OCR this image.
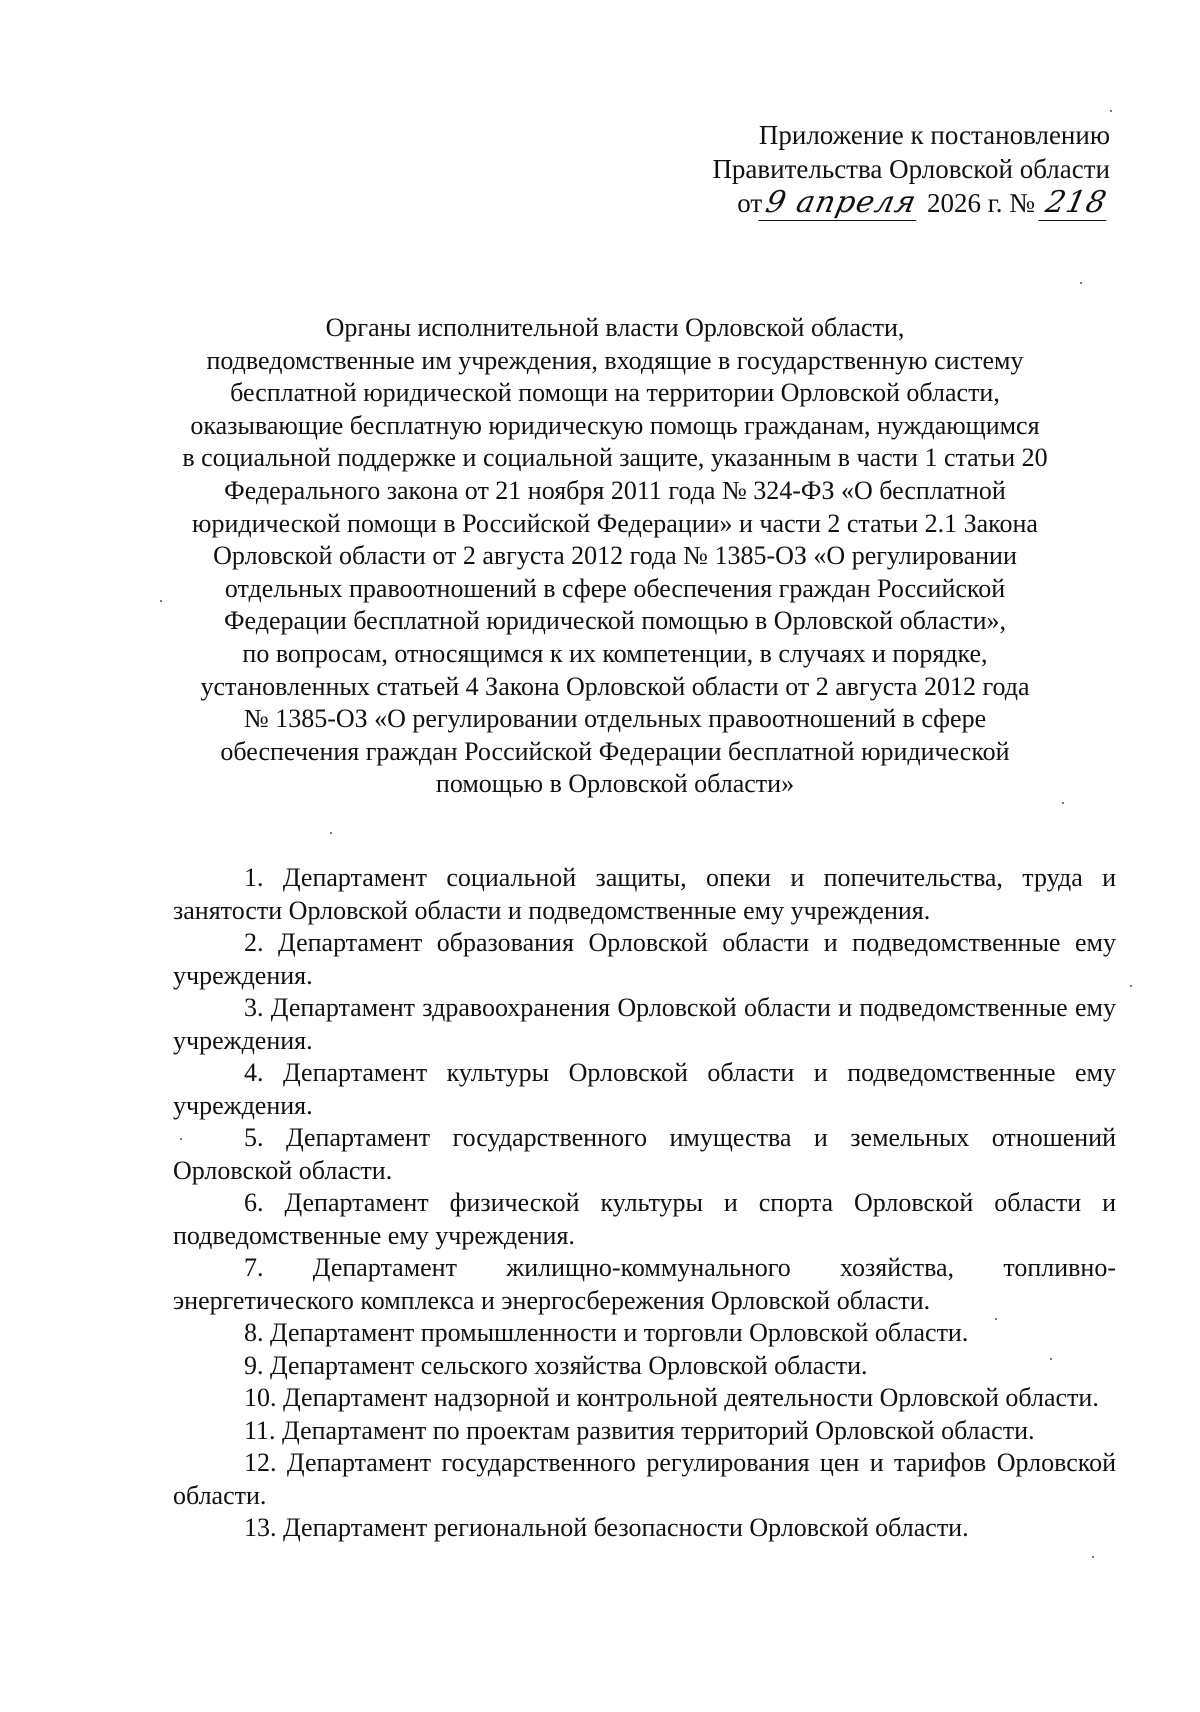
Приложение к постановлению
Правительства Орловской области
от9 апреля 2026 г. № 218
Органы исполнительной власти Орловской области,
подведомственные им учреждения, входящие в государственную систему
бесплатной юридической помощи на территории Орловской области,
оказывающие бесплатную юридическую помощь гражданам, нуждающимся
в социальной поддержке и социальной защите, указанным в части 1 статьи 20
Федерального закона от 21 ноября 2011 года № 324-ФЗ «О бесплатной
юридической помощи в Российской Федерации» и части 2 статьи 2.1 Закона
Орловской области от 2 августа 2012 года № 1385-ОЗ «О регулировании
отдельных правоотношений в сфере обеспечения граждан Российской
Федерации бесплатной юридической помощью в Орловской области»,
по вопросам, относящимся к их компетенции, в случаях и порядке,
установленных статьей 4 Закона Орловской области от 2 августа 2012 года
№ 1385-ОЗ «О регулировании отдельных правоотношений в сфере
обеспечения граждан Российской Федерации бесплатной юридической
помощью в Орловской области»

1. Департамент социальной защиты, опеки и попечительства, труда и занятости Орловской области и подведомственные ему учреждения.

2. Департамент образования Орловской области и подведомственные ему учреждения.

3. Департамент здравоохранения Орловской области и подведомственные ему учреждения.

4. Департамент культуры Орловской области и подведомственные ему учреждения.

5. Департамент государственного имущества и земельных отношений Орловской области.

6. Департамент физической культуры и спорта Орловской области и подведомственные ему учреждения.

7. Департамент жилищно-коммунального хозяйства, топливно-энергетического комплекса и энергосбережения Орловской области.

8. Департамент промышленности и торговли Орловской области.

9. Департамент сельского хозяйства Орловской области.

10. Департамент надзорной и контрольной деятельности Орловской области.

11. Департамент по проектам развития территорий Орловской области.

12. Департамент государственного регулирования цен и тарифов Орловской области.

13. Департамент региональной безопасности Орловской области.
